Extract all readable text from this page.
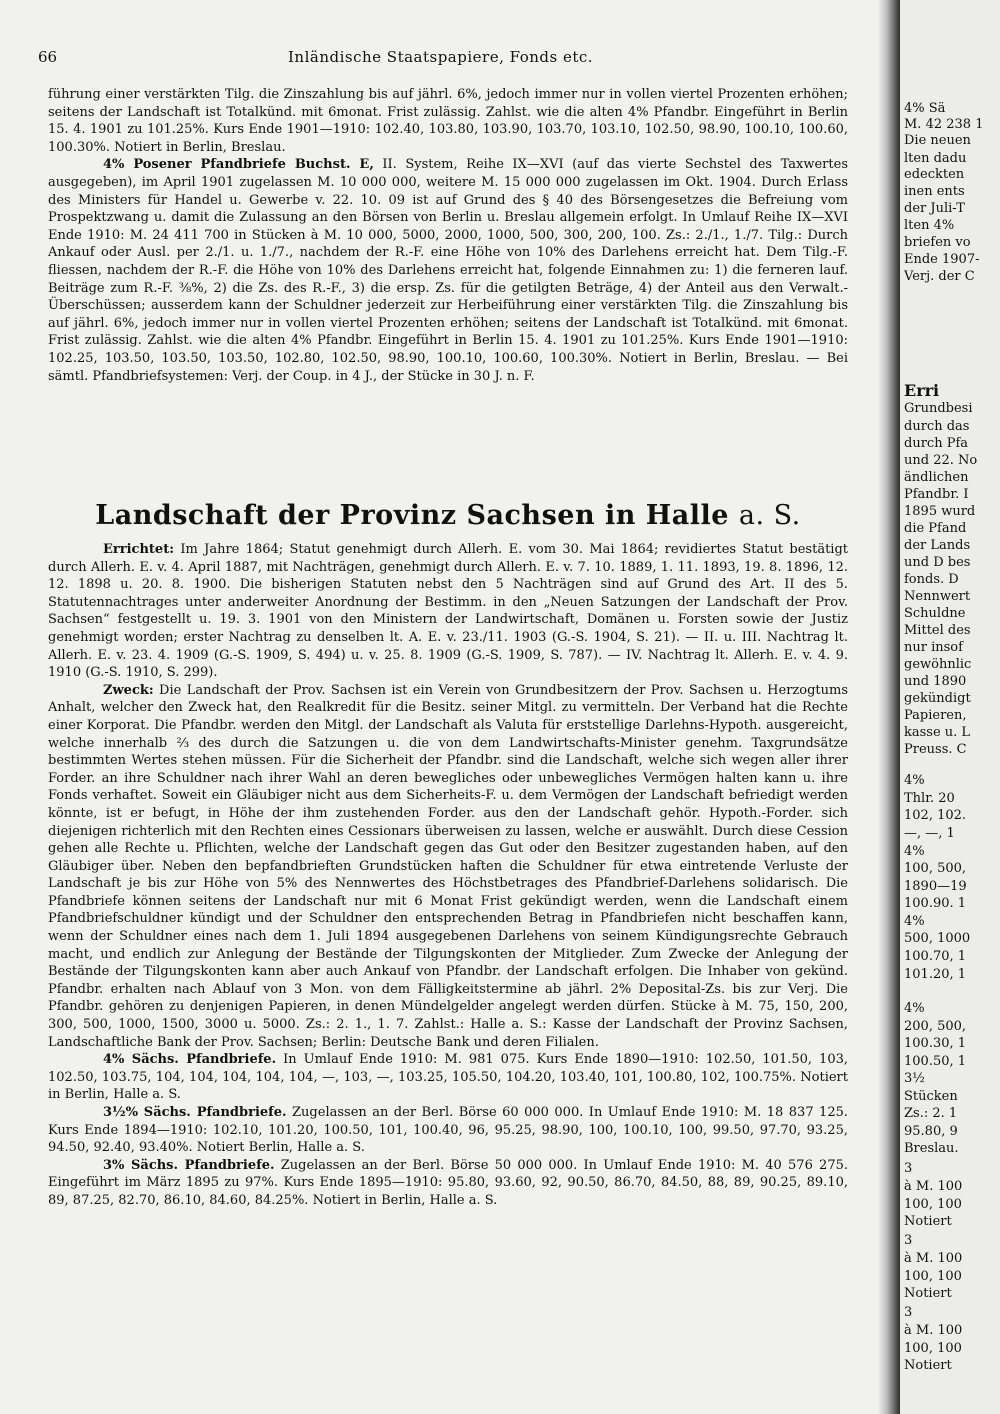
66	Inländische Staatspapiere, Fonds etc.

führung einer verstärkten Tilg. die Zinszahlung bis auf jährl. 6%, jedoch immer nur in vollen viertel Prozenten erhöhen; seitens der Landschaft ist Totalkünd. mit 6monat. Frist zulässig. Zahlst. wie die alten 4% Pfandbr. Eingeführt in Berlin 15. 4. 1901 zu 101.25%. Kurs Ende 1901—1910: 102.40, 103.80, 103.90, 103.70, 103.10, 102.50, 98.90, 100.10, 100.60, 100.30%. Notiert in Berlin, Breslau.

4% Posener Pfandbriefe Buchst. E, II. System, Reihe IX—XVI (auf das vierte Sechstel des Taxwertes ausgegeben), im April 1901 zugelassen M. 10 000 000, weitere M. 15 000 000 zugelassen im Okt. 1904. Durch Erlass des Ministers für Handel u. Gewerbe v. 22. 10. 09 ist auf Grund des § 40 des Börsengesetzes die Befreiung vom Prospektzwang u. damit die Zulassung an den Börsen von Berlin u. Breslau allgemein erfolgt. In Umlauf Reihe IX—XVI Ende 1910: M. 24 411 700 in Stücken à M. 10 000, 5000, 2000, 1000, 500, 300, 200, 100. Zs.: 2./1., 1./7. Tilg.: Durch Ankauf oder Ausl. per 2./1. u. 1./7., nachdem der R.-F. eine Höhe von 10% des Darlehens erreicht hat. Dem Tilg.-F. fliessen, nachdem der R.-F. die Höhe von 10% des Darlehens erreicht hat, folgende Einnahmen zu: 1) die ferneren lauf. Beiträge zum R.-F. ⅜%, 2) die Zs. des R.-F., 3) die ersp. Zs. für die getilgten Beträge, 4) der Anteil aus den Verwalt.-Überschüssen; ausserdem kann der Schuldner jederzeit zur Herbeiführung einer verstärkten Tilg. die Zinszahlung bis auf jährl. 6%, jedoch immer nur in vollen viertel Prozenten erhöhen; seitens der Landschaft ist Totalkünd. mit 6monat. Frist zulässig. Zahlst. wie die alten 4% Pfandbr. Eingeführt in Berlin 15. 4. 1901 zu 101.25%. Kurs Ende 1901—1910: 102.25, 103.50, 103.50, 103.50, 102.80, 102.50, 98.90, 100.10, 100.60, 100.30%. Notiert in Berlin, Breslau. — Bei sämtl. Pfandbriefsystemen: Verj. der Coup. in 4 J., der Stücke in 30 J. n. F.

Landschaft der Provinz Sachsen in Halle a. S.

Errichtet: Im Jahre 1864; Statut genehmigt durch Allerh. E. vom 30. Mai 1864; revidiertes Statut bestätigt durch Allerh. E. v. 4. April 1887, mit Nachträgen, genehmigt durch Allerh. E. v. 7. 10. 1889, 1. 11. 1893, 19. 8. 1896, 12. 12. 1898 u. 20. 8. 1900. Die bisherigen Statuten nebst den 5 Nachträgen sind auf Grund des Art. II des 5. Statutennachtrages unter anderweiter Anordnung der Bestimm. in den „Neuen Satzungen der Landschaft der Prov. Sachsen“ festgestellt u. 19. 3. 1901 von den Ministern der Landwirtschaft, Domänen u. Forsten sowie der Justiz genehmigt worden; erster Nachtrag zu denselben lt. A. E. v. 23./11. 1903 (G.-S. 1904, S. 21). — II. u. III. Nachtrag lt. Allerh. E. v. 23. 4. 1909 (G.-S. 1909, S. 494) u. v. 25. 8. 1909 (G.-S. 1909, S. 787). — IV. Nachtrag lt. Allerh. E. v. 4. 9. 1910 (G.-S. 1910, S. 299).

Zweck: Die Landschaft der Prov. Sachsen ist ein Verein von Grundbesitzern der Prov. Sachsen u. Herzogtums Anhalt, welcher den Zweck hat, den Realkredit für die Besitz. seiner Mitgl. zu vermitteln. Der Verband hat die Rechte einer Korporat. Die Pfandbr. werden den Mitgl. der Landschaft als Valuta für erststellige Darlehns-Hypoth. ausgereicht, welche innerhalb ⅔ des durch die Satzungen u. die von dem Landwirtschafts-Minister genehm. Taxgrundsätze bestimmten Wertes stehen müssen. Für die Sicherheit der Pfandbr. sind die Landschaft, welche sich wegen aller ihrer Forder. an ihre Schuldner nach ihrer Wahl an deren bewegliches oder unbewegliches Vermögen halten kann u. ihre Fonds verhaftet. Soweit ein Gläubiger nicht aus dem Sicherheits-F. u. dem Vermögen der Landschaft befriedigt werden könnte, ist er befugt, in Höhe der ihm zustehenden Forder. aus den der Landschaft gehör. Hypoth.-Forder. sich diejenigen richterlich mit den Rechten eines Cessionars überweisen zu lassen, welche er auswählt. Durch diese Cession gehen alle Rechte u. Pflichten, welche der Landschaft gegen das Gut oder den Besitzer zugestanden haben, auf den Gläubiger über. Neben den bepfandbrieften Grundstücken haften die Schuldner für etwa eintretende Verluste der Landschaft je bis zur Höhe von 5% des Nennwertes des Höchstbetrages des Pfandbrief-Darlehens solidarisch. Die Pfandbriefe können seitens der Landschaft nur mit 6 Monat Frist gekündigt werden, wenn die Landschaft einem Pfandbriefschuldner kündigt und der Schuldner den entsprechenden Betrag in Pfandbriefen nicht beschaffen kann, wenn der Schuldner eines nach dem 1. Juli 1894 ausgegebenen Darlehens von seinem Kündigungsrechte Gebrauch macht, und endlich zur Anlegung der Bestände der Tilgungskonten der Mitglieder. Zum Zwecke der Anlegung der Bestände der Tilgungskonten kann aber auch Ankauf von Pfandbr. der Landschaft erfolgen. Die Inhaber von gekünd. Pfandbr. erhalten nach Ablauf von 3 Mon. von dem Fälligkeitstermine ab jährl. 2% Deposital-Zs. bis zur Verj. Die Pfandbr. gehören zu denjenigen Papieren, in denen Mündelgelder angelegt werden dürfen. Stücke à M. 75, 150, 200, 300, 500, 1000, 1500, 3000 u. 5000. Zs.: 2. 1., 1. 7. Zahlst.: Halle a. S.: Kasse der Landschaft der Provinz Sachsen, Landschaftliche Bank der Prov. Sachsen; Berlin: Deutsche Bank und deren Filialen.

4% Sächs. Pfandbriefe. In Umlauf Ende 1910: M. 981 075. Kurs Ende 1890—1910: 102.50, 101.50, 103, 102.50, 103.75, 104, 104, 104, 104, 104, —, 103, —, 103.25, 105.50, 104.20, 103.40, 101, 100.80, 102, 100.75%. Notiert in Berlin, Halle a. S.

3½% Sächs. Pfandbriefe. Zugelassen an der Berl. Börse 60 000 000. In Umlauf Ende 1910: M. 18 837 125. Kurs Ende 1894—1910: 102.10, 101.20, 100.50, 101, 100.40, 96, 95.25, 98.90, 100, 100.10, 100, 99.50, 97.70, 93.25, 94.50, 92.40, 93.40%. Notiert Berlin, Halle a. S.

3% Sächs. Pfandbriefe. Zugelassen an der Berl. Börse 50 000 000. In Umlauf Ende 1910: M. 40 576 275. Eingeführt im März 1895 zu 97%. Kurs Ende 1895—1910: 95.80, 93.60, 92, 90.50, 86.70, 84.50, 88, 89, 90.25, 89.10, 89, 87.25, 82.70, 86.10, 84.60, 84.25%. Notiert in Berlin, Halle a. S.

4% Sä
M. 42 238 1
Die neuen
lten dadu
edeckten
inen ents
der Juli-T
lten 4%
briefen vo
Ende 1907-
Verj. der C
Erri
Grundbesi
durch das
durch Pfa
und 22. No
ändlichen
Pfandbr. I
1895 wurd
die Pfand
der Lands
und D bes
fonds. D
Nennwert
Schuldne
Mittel des
nur insof
gewöhnlic
und 1890
gekündigt
Papieren,
kasse u. L
Preuss. C
4%
Thlr. 20
102, 102.
—, —, 1
4%
100, 500,
1890—19
100.90. 1
4%
500, 1000
100.70, 1
101.20, 1
4%
200, 500,
100.30, 1
100.50, 1
3½
Stücken
Zs.: 2. 1
95.80, 9
Breslau.
3
à M. 100
100, 100
Notiert
3
à M. 100
100, 100
Notiert
3
à M. 100
100, 100
Notiert
